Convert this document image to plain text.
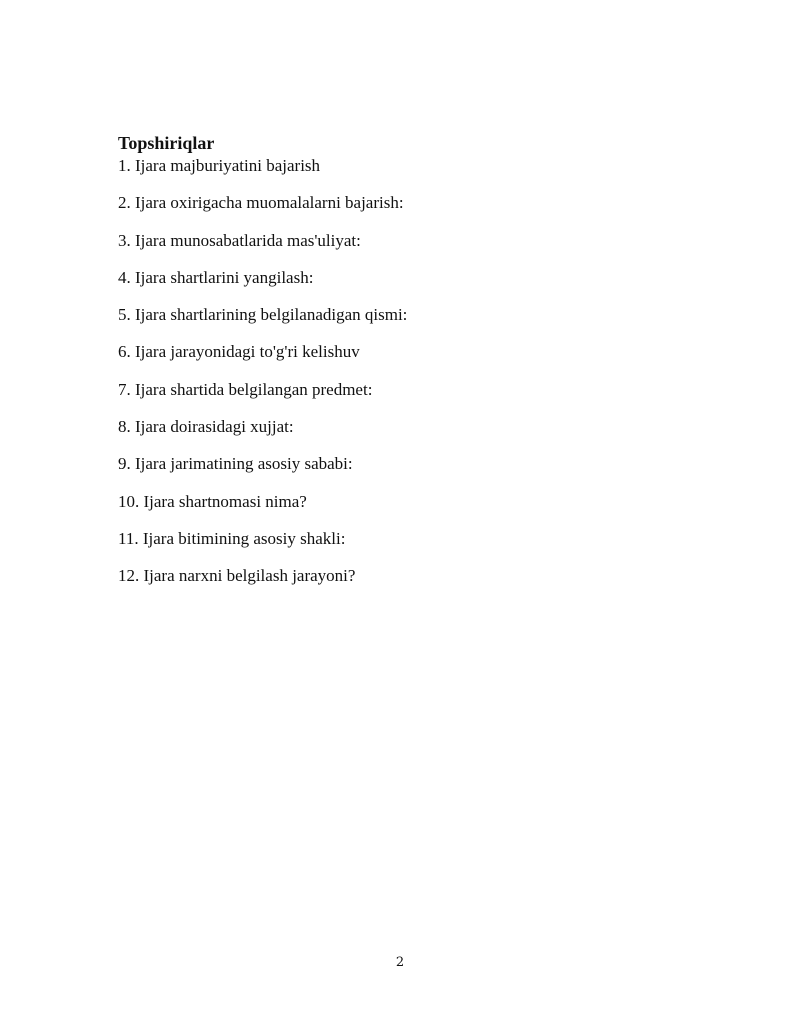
Topshiriqlar
1. Ijara majburiyatini bajarish
2. Ijara oxirigacha muomalalarni bajarish:
3. Ijara munosabatlarida mas'uliyat:
4. Ijara shartlarini yangilash:
5. Ijara shartlarining belgilanadigan qismi:
6. Ijara jarayonidagi to'g'ri kelishuv
7. Ijara shartida belgilangan predmet:
8. Ijara doirasidagi xujjat:
9. Ijara jarimatining asosiy sababi:
10. Ijara shartnomasi nima?
11. Ijara bitimining asosiy shakli:
12. Ijara narxni belgilash jarayoni?
2
